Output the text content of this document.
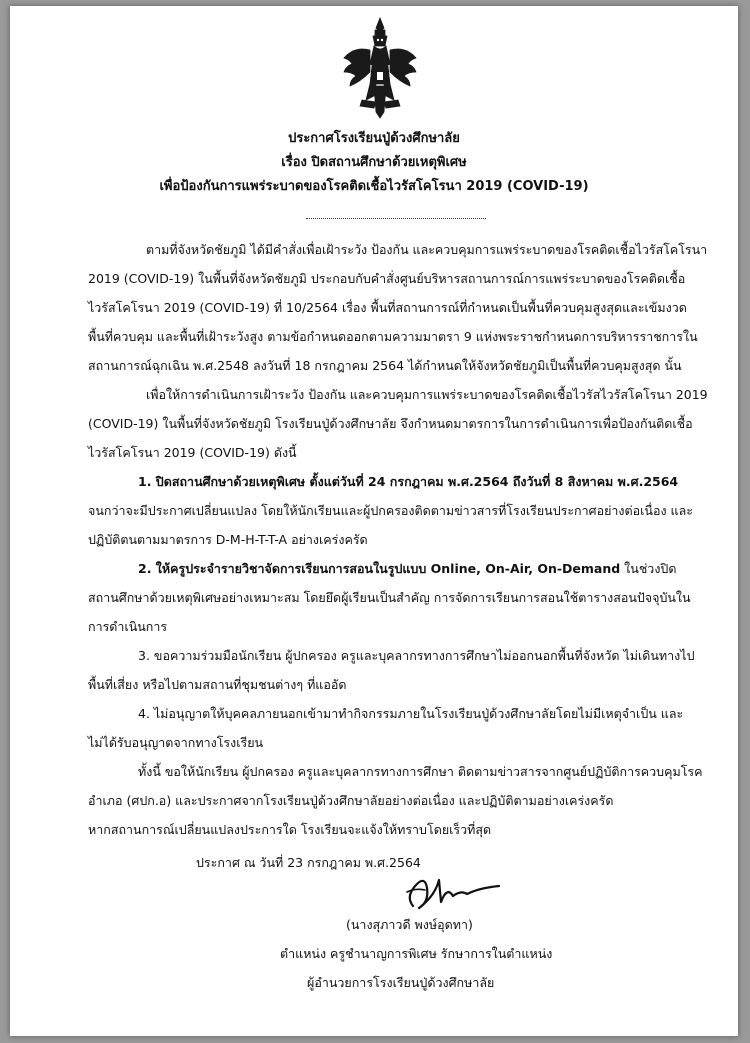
ประกาศโรงเรียนปู่ด้วงศึกษาลัย
เรื่อง ปิดสถานศึกษาด้วยเหตุพิเศษ
เพื่อป้องกันการแพร่ระบาดของโรคติดเชื้อไวรัสโคโรนา 2019 (COVID-19)
ตามที่จังหวัดชัยภูมิ ได้มีคำสั่งเพื่อเฝ้าระวัง ป้องกัน และควบคุมการแพร่ระบาดของโรคติดเชื้อไวรัสโคโรนา
2019 (COVID-19) ในพื้นที่จังหวัดชัยภูมิ ประกอบกับคำสั่งศูนย์บริหารสถานการณ์การแพร่ระบาดของโรคติดเชื้อ
ไวรัสโคโรนา 2019 (COVID-19) ที่ 10/2564 เรื่อง พื้นที่สถานการณ์ที่กำหนดเป็นพื้นที่ควบคุมสูงสุดและเข้มงวด
พื้นที่ควบคุม และพื้นที่เฝ้าระวังสูง ตามข้อกำหนดออกตามความมาตรา 9 แห่งพระราชกำหนดการบริหารราชการใน
สถานการณ์ฉุกเฉิน พ.ศ.2548 ลงวันที่ 18 กรกฎาคม 2564 ได้กำหนดให้จังหวัดชัยภูมิเป็นพื้นที่ควบคุมสูงสุด นั้น
เพื่อให้การดำเนินการเฝ้าระวัง ป้องกัน และควบคุมการแพร่ระบาดของโรคติดเชื้อไวรัสไวรัสโคโรนา 2019
(COVID-19) ในพื้นที่จังหวัดชัยภูมิ โรงเรียนปู่ด้วงศึกษาลัย จึงกำหนดมาตรการในการดำเนินการเพื่อป้องกันติดเชื้อ
ไวรัสโคโรนา 2019 (COVID-19) ดังนี้
1. ปิดสถานศึกษาด้วยเหตุพิเศษ ตั้งแต่วันที่ 24 กรกฎาคม พ.ศ.2564 ถึงวันที่ 8 สิงหาคม พ.ศ.2564
จนกว่าจะมีประกาศเปลี่ยนแปลง โดยให้นักเรียนและผู้ปกครองติดตามข่าวสารที่โรงเรียนประกาศอย่างต่อเนื่อง และ
ปฏิบัติตนตามมาตรการ D-M-H-T-T-A อย่างเคร่งครัด
2. ให้ครูประจำรายวิชาจัดการเรียนการสอนในรูปแบบ Online, On-Air, On-Demand ในช่วงปิด
สถานศึกษาด้วยเหตุพิเศษอย่างเหมาะสม โดยยึดผู้เรียนเป็นสำคัญ การจัดการเรียนการสอนใช้ตารางสอนปัจจุบันใน
การดำเนินการ
3. ขอความร่วมมือนักเรียน ผู้ปกครอง ครูและบุคลากรทางการศึกษาไม่ออกนอกพื้นที่จังหวัด ไม่เดินทางไป
พื้นที่เสี่ยง หรือไปตามสถานที่ชุมชนต่างๆ ที่แออัด
4. ไม่อนุญาตให้บุคคลภายนอกเข้ามาทำกิจกรรมภายในโรงเรียนปู่ด้วงศึกษาลัยโดยไม่มีเหตุจำเป็น และ
ไม่ได้รับอนุญาตจากทางโรงเรียน
ทั้งนี้ ขอให้นักเรียน ผู้ปกครอง ครูและบุคลากรทางการศึกษา ติดตามข่าวสารจากศูนย์ปฏิบัติการควบคุมโรค
อำเภอ (ศปก.อ) และประกาศจากโรงเรียนปู่ด้วงศึกษาลัยอย่างต่อเนื่อง และปฏิบัติตามอย่างเคร่งครัด
หากสถานการณ์เปลี่ยนแปลงประการใด โรงเรียนจะแจ้งให้ทราบโดยเร็วที่สุด
ประกาศ ณ วันที่ 23 กรกฎาคม พ.ศ.2564
(นางสุภาวดี พงษ์อุดทา)
ตำแหน่ง ครูชำนาญการพิเศษ รักษาการในตำแหน่ง
ผู้อำนวยการโรงเรียนปู่ด้วงศึกษาลัย
